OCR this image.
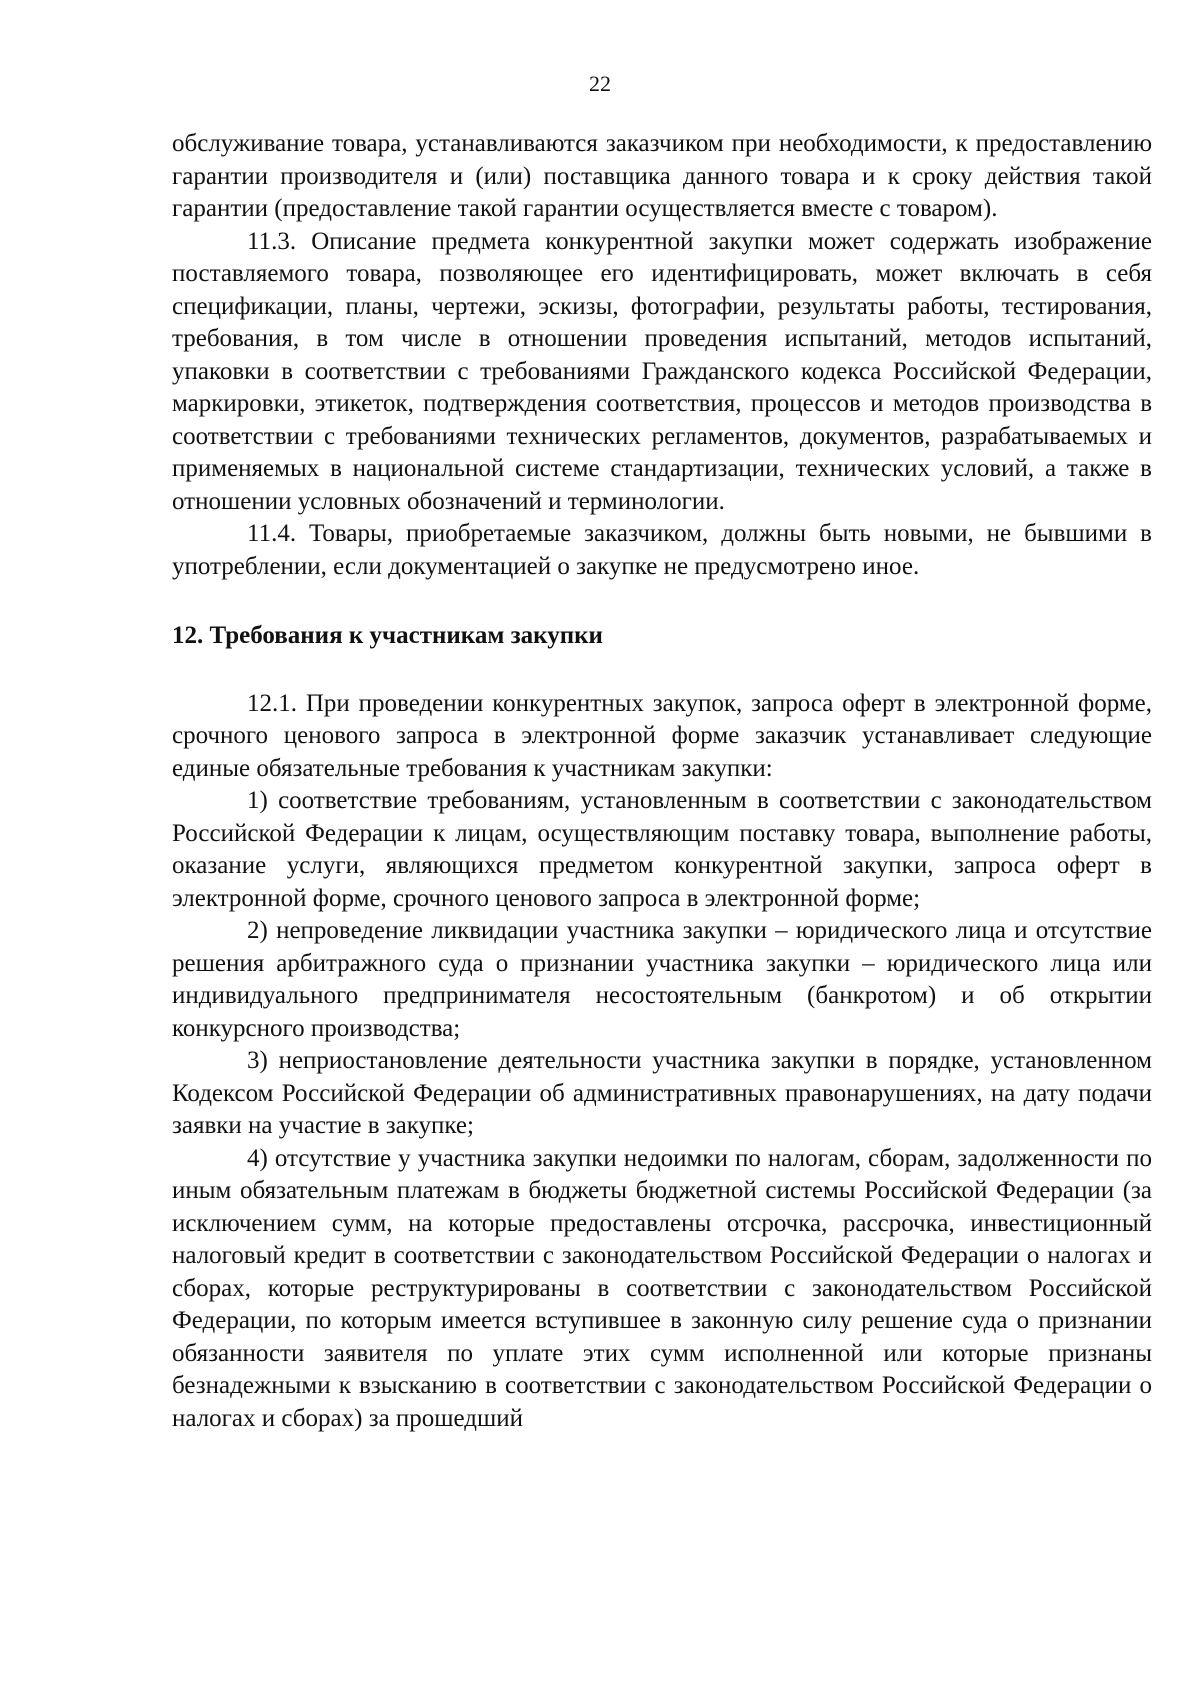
22

обслуживание товара, устанавливаются заказчиком при необходимости, к предоставлению гарантии производителя и (или) поставщика данного товара и к сроку действия такой гарантии (предоставление такой гарантии осуществляется вместе с товаром).

11.3. Описание предмета конкурентной закупки может содержать изображение поставляемого товара, позволяющее его идентифицировать, может включать в себя спецификации, планы, чертежи, эскизы, фотографии, результаты работы, тестирования, требования, в том числе в отношении проведения испытаний, методов испытаний, упаковки в соответствии с требованиями Гражданского кодекса Российской Федерации, маркировки, этикеток, подтверждения соответствия, процессов и методов производства в соответствии с требованиями технических регламентов, документов, разрабатываемых и применяемых в национальной системе стандартизации, технических условий, а также в отношении условных обозначений и терминологии.

11.4. Товары, приобретаемые заказчиком, должны быть новыми, не бывшими в употреблении, если документацией о закупке не предусмотрено иное.

12. Требования к участникам закупки

12.1. При проведении конкурентных закупок, запроса оферт в электронной форме, срочного ценового запроса в электронной форме заказчик устанавливает следующие единые обязательные требования к участникам закупки:

1) соответствие требованиям, установленным в соответствии с законодательством Российской Федерации к лицам, осуществляющим поставку товара, выполнение работы, оказание услуги, являющихся предметом конкурентной закупки, запроса оферт в электронной форме, срочного ценового запроса в электронной форме;

2) непроведение ликвидации участника закупки – юридического лица и отсутствие решения арбитражного суда о признании участника закупки – юридического лица или индивидуального предпринимателя несостоятельным (банкротом) и об открытии конкурсного производства;

3) неприостановление деятельности участника закупки в порядке, установленном Кодексом Российской Федерации об административных правонарушениях, на дату подачи заявки на участие в закупке;

4) отсутствие у участника закупки недоимки по налогам, сборам, задолженности по иным обязательным платежам в бюджеты бюджетной системы Российской Федерации (за исключением сумм, на которые предоставлены отсрочка, рассрочка, инвестиционный налоговый кредит в соответствии с законодательством Российской Федерации о налогах и сборах, которые реструктурированы в соответствии с законодательством Российской Федерации, по которым имеется вступившее в законную силу решение суда о признании обязанности заявителя по уплате этих сумм исполненной или которые признаны безнадежными к взысканию в соответствии с законодательством Российской Федерации о налогах и сборах) за прошедший
